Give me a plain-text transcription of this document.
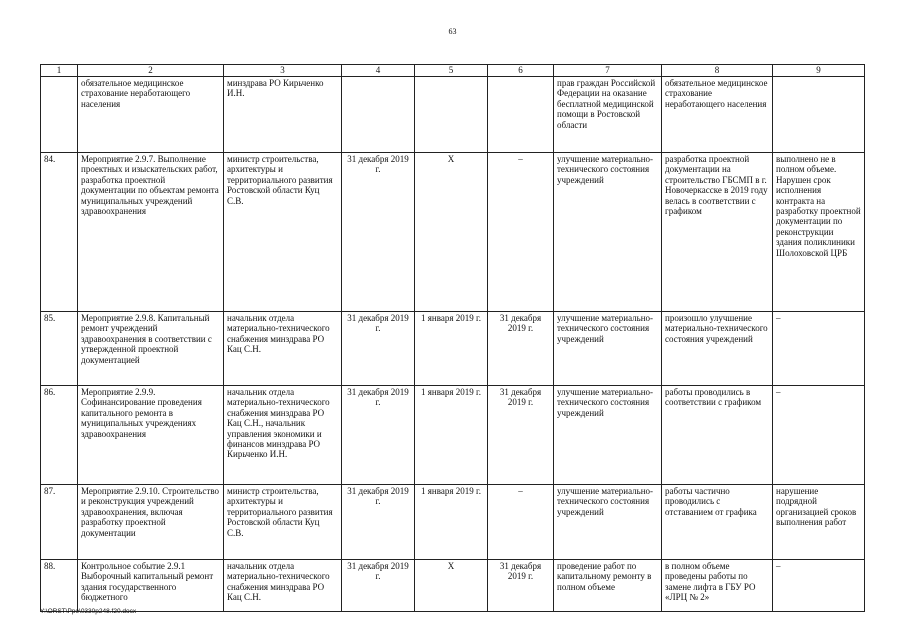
63
1	2	3	4	5	6	7	8	9
	обязательное медицинское страхование неработающего населения	минздрава РО Кирьченко И.Н.				прав граждан Российской Федерации на оказание бесплатной медицинской помощи в Ростовской области	обязательное медицинское страхование неработающего населения	
84.	Мероприятие 2.9.7. Выполнение проектных и изыскательских работ, разработка проектной документации по объектам ремонта муниципальных учреждений здравоохранения	министр строительства, архитектуры и территориального развития Ростовской области Куц С.В.	31 декабря 2019 г.	Х	–	улучшение материально-технического состояния учреждений	разработка проектной документации на строительство ГБСМП в г. Новочеркасске в 2019 году велась в соответствии с графиком	выполнено не в полном объеме. Нарушен срок исполнения контракта на разработку проектной документации по реконструкции здания поликлиники Шолоховской ЦРБ
85.	Мероприятие 2.9.8. Капитальный ремонт учреждений здравоохранения в соответствии с утвержденной проектной документацией	начальник отдела материально-технического снабжения минздрава РО Кац С.Н.	31 декабря 2019 г.	1 января 2019 г.	31 декабря 2019 г.	улучшение материально-технического состояния учреждений	произошло улучшение материально-технического состояния учреждений	–
86.	Мероприятие 2.9.9. Софинансирование проведения капитального ремонта в муниципальных учреждениях здравоохранения	начальник отдела материально-технического снабжения минздрава РО Кац С.Н., начальник управления экономики и финансов минздрава РО Кирьченко И.Н.	31 декабря 2019 г.	1 января 2019 г.	31 декабря 2019 г.	улучшение материально-технического состояния учреждений	работы проводились в соответствии с графиком	–
87.	Мероприятие 2.9.10. Строительство и реконструкция учреждений здравоохранения, включая разработку проектной документации	министр строительства, архитектуры и территориального развития Ростовской области Куц С.В.	31 декабря 2019 г.	1 января 2019 г.	–	улучшение материально-технического состояния учреждений	работы частично проводились с отставанием от графика	нарушение подрядной организацией сроков выполнения работ
88.	Контрольное событие 2.9.1 Выборочный капитальный ремонт здания государственного бюджетного	начальник отдела материально-технического снабжения минздрава РО Кац С.Н.	31 декабря 2019 г.	Х	31 декабря 2019 г.	проведение работ по капитальному ремонту в полном объеме	в полном объеме проведены работы по замене лифта в ГБУ РО «ЛРЦ № 2»	–
Y:\ORST\Ppo\0330p248.f20.docx
